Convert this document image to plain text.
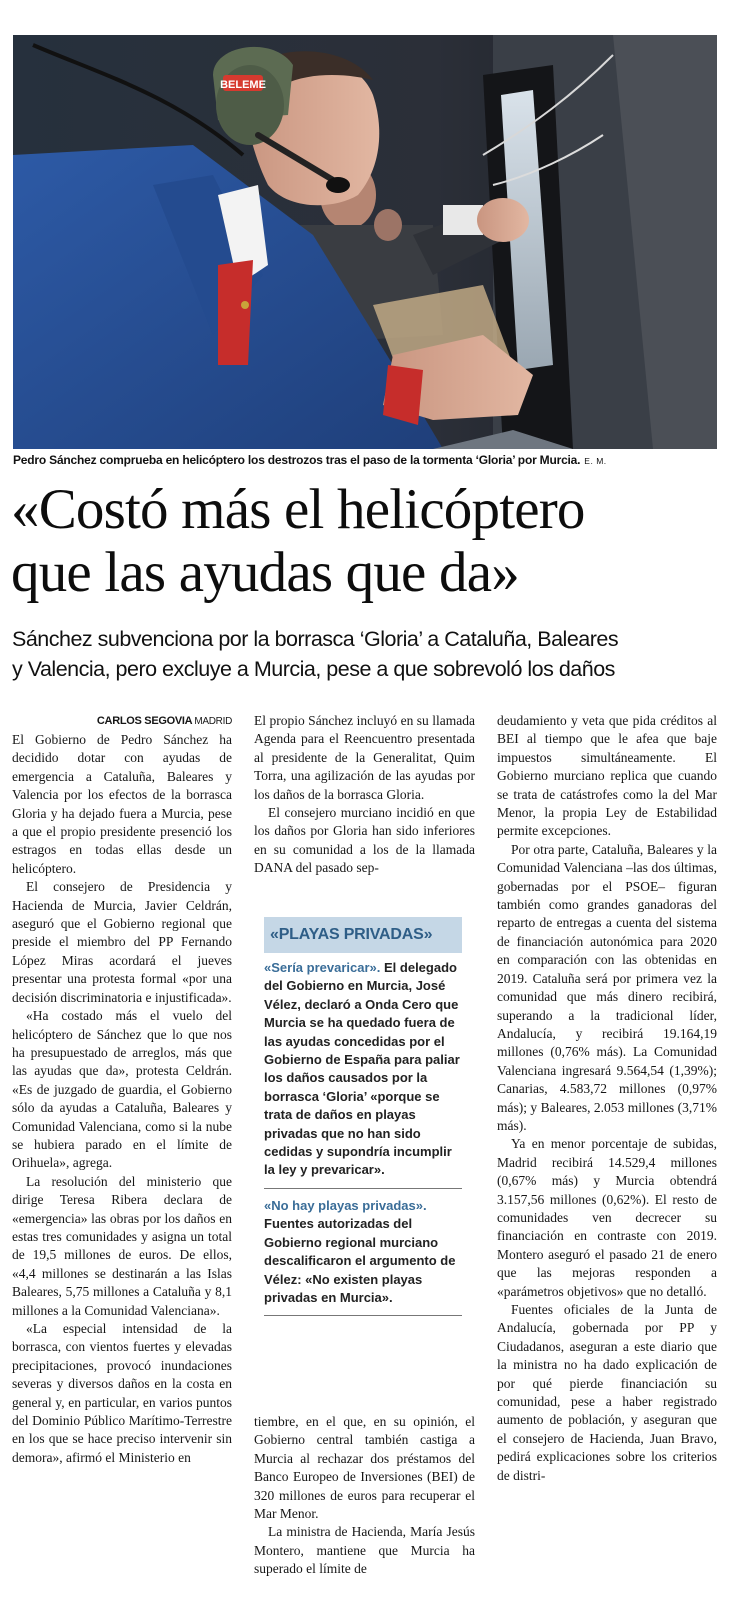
BELEME
Pedro Sánchez comprueba en helicóptero los destrozos tras el paso de la tormenta ‘Gloria’ por Murcia. E. M.
«Costó más el helicóptero
que las ayudas que da»
Sánchez subvenciona por la borrasca ‘Gloria’ a Cataluña, Baleares
y Valencia, pero excluye a Murcia, pese a que sobrevoló los daños
CARLOS SEGOVIA MADRID

El Gobierno de Pedro Sánchez ha decidido dotar con ayudas de emergencia a Cataluña, Baleares y Valencia por los efectos de la borrasca Gloria y ha dejado fuera a Murcia, pese a que el propio presidente presenció los estragos en todas ellas desde un helicóptero.

El consejero de Presidencia y Hacienda de Murcia, Javier Celdrán, aseguró que el Gobierno regional que preside el miembro del PP Fernando López Miras acordará el jueves presentar una protesta formal «por una decisión discriminatoria e injustificada».

«Ha costado más el vuelo del helicóptero de Sánchez que lo que nos ha presupuestado de arreglos, más que las ayudas que da», protesta Celdrán. «Es de juzgado de guardia, el Gobierno sólo da ayudas a Cataluña, Baleares y Comunidad Valenciana, como si la nube se hubiera parado en el límite de Orihuela», agrega.

La resolución del ministerio que dirige Teresa Ribera declara de «emergencia» las obras por los daños en estas tres comunidades y asigna un total de 19,5 millones de euros. De ellos, «4,4 millones se destinarán a las Islas Baleares, 5,75 millones a Cataluña y 8,1 millones a la Comunidad Valenciana».

«La especial intensidad de la borrasca, con vientos fuertes y elevadas precipitaciones, provocó inundaciones severas y diversos daños en la costa en general y, en particular, en varios puntos del Dominio Público Marítimo-Terrestre en los que se hace preciso intervenir sin demora», afirmó el Ministerio en

El propio Sánchez incluyó en su llamada Agenda para el Reencuentro presentada al presidente de la Generalitat, Quim Torra, una agilización de las ayudas por los daños de la borrasca Gloria.

El consejero murciano incidió en que los daños por Gloria han sido inferiores en su comunidad a los de la llamada DANA del pasado sep-

«PLAYAS PRIVADAS»
«Sería prevaricar». El delegado del Gobierno en Murcia, José Vélez, declaró a Onda Cero que Murcia se ha quedado fuera de las ayudas concedidas por el Gobierno de España para paliar los daños causados por la borrasca ‘Gloria’ «porque se trata de daños en playas privadas que no han sido cedidas y supondría incumplir la ley y prevaricar».
«No hay playas privadas». Fuentes autorizadas del Gobierno regional murciano descalificaron el argumento de Vélez: «No existen playas privadas en Murcia».

tiembre, en el que, en su opinión, el Gobierno central también castiga a Murcia al rechazar dos préstamos del Banco Europeo de Inversiones (BEI) de 320 millones de euros para recuperar el Mar Menor.

La ministra de Hacienda, María Jesús Montero, mantiene que Murcia ha superado el límite de

deudamiento y veta que pida créditos al BEI al tiempo que le afea que baje impuestos simultáneamente. El Gobierno murciano replica que cuando se trata de catástrofes como la del Mar Menor, la propia Ley de Estabilidad permite excepciones.

Por otra parte, Cataluña, Baleares y la Comunidad Valenciana –las dos últimas, gobernadas por el PSOE– figuran también como grandes ganadoras del reparto de entregas a cuenta del sistema de financiación autonómica para 2020 en comparación con las obtenidas en 2019. Cataluña será por primera vez la comunidad que más dinero recibirá, superando a la tradicional líder, Andalucía, y recibirá 19.164,19 millones (0,76% más). La Comunidad Valenciana ingresará 9.564,54 (1,39%); Canarias, 4.583,72 millones (0,97% más); y Baleares, 2.053 millones (3,71% más).

Ya en menor porcentaje de subidas, Madrid recibirá 14.529,4 millones (0,67% más) y Murcia obtendrá 3.157,56 millones (0,62%). El resto de comunidades ven decrecer su financiación en contraste con 2019. Montero aseguró el pasado 21 de enero que las mejoras responden a «parámetros objetivos» que no detalló.

Fuentes oficiales de la Junta de Andalucía, gobernada por PP y Ciudadanos, aseguran a este diario que la ministra no ha dado explicación de por qué pierde financiación su comunidad, pese a haber registrado aumento de población, y aseguran que el consejero de Hacienda, Juan Bravo, pedirá explicaciones sobre los criterios de distri-
